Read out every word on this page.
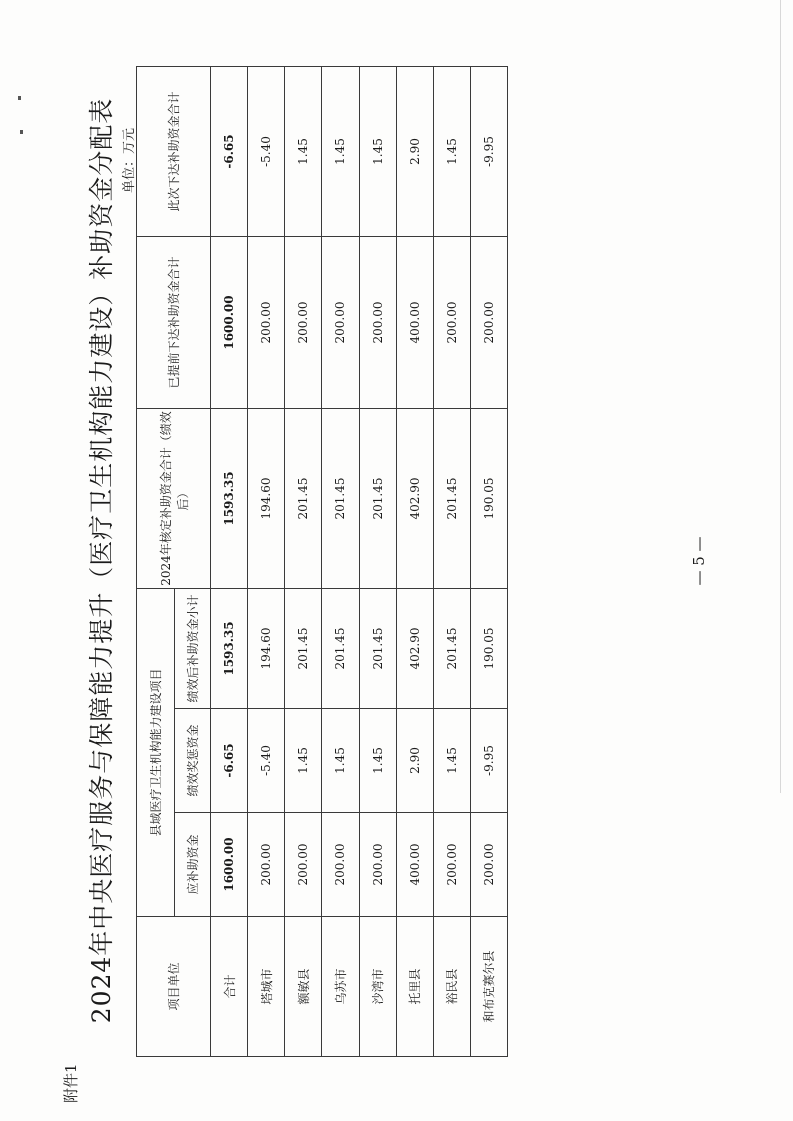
附件1
2024年中央医疗服务与保障能力提升（医疗卫生机构能力建设）补助资金分配表 单位：万元
项目单位	县域医疗卫生机构能力建设项目			2024年核定补助资金合计（绩效后）	已提前下达补助资金合计	此次下达补助资金合计
	应补助资金	绩效奖惩资金	绩效后补助资金小计			
合计	1600.00	-6.65	1593.35	1593.35	1600.00	-6.65
塔城市	200.00	-5.40	194.60	194.60	200.00	-5.40
额敏县	200.00	1.45	201.45	201.45	200.00	1.45
乌苏市	200.00	1.45	201.45	201.45	200.00	1.45
沙湾市	200.00	1.45	201.45	201.45	200.00	1.45
托里县	400.00	2.90	402.90	402.90	400.00	2.90
裕民县	200.00	1.45	201.45	201.45	200.00	1.45
和布克赛尔县	200.00	-9.95	190.05	190.05	200.00	-9.95
— 5 —
